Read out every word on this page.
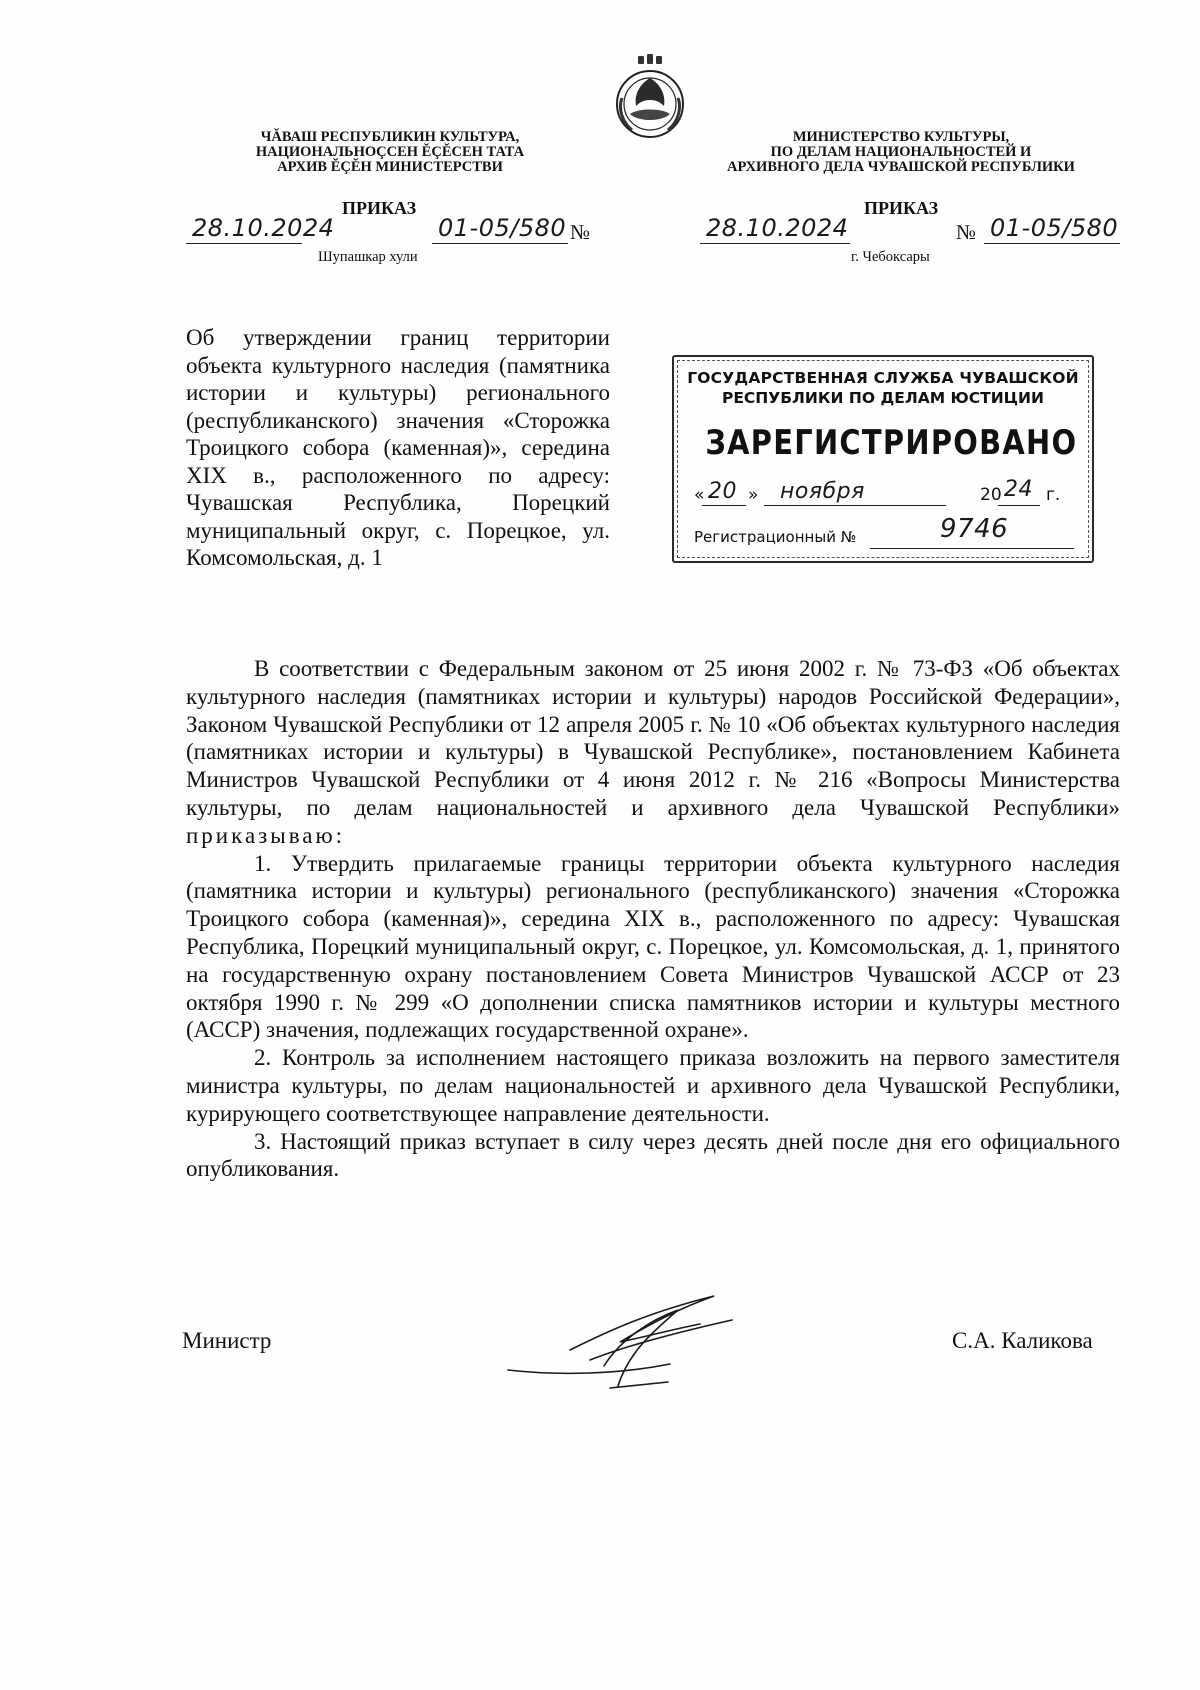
ЧĂВАШ РЕСПУБЛИКИН КУЛЬТУРА,
НАЦИОНАЛЬНОÇСЕН ĔÇĔСЕН ТАТА
АРХИВ ĔÇĔН МИНИСТЕРСТВИ
МИНИСТЕРСТВО КУЛЬТУРЫ,
ПО ДЕЛАМ НАЦИОНАЛЬНОСТЕЙ И
АРХИВНОГО ДЕЛА ЧУВАШСКОЙ РЕСПУБЛИКИ
ПРИКАЗ	ПРИКАЗ
28.10.2024	01-05/580 №
Шупашкар хули
28.10.2024	№ 01-05/580
г. Чебоксары
Об утверждении границ территории объекта культурного наследия (памятника истории и культуры) регионального (республиканского) значения «Сторожка Троицкого собора (каменная)», середина XIX в., расположенного по адресу: Чувашская Республика, Порецкий муниципальный округ, с. Порецкое, ул. Комсомольская, д. 1
ГОСУДАРСТВЕННАЯ СЛУЖБА ЧУВАШСКОЙ
РЕСПУБЛИКИ ПО ДЕЛАМ ЮСТИЦИИ
ЗАРЕГИСТРИРОВАНО
« 20 » ноября	20 24 г.
Регистрационный №	9746

В соответствии с Федеральным законом от 25 июня 2002 г. № 73-ФЗ «Об объектах культурного наследия (памятниках истории и культуры) народов Российской Федерации», Законом Чувашской Республики от 12 апреля 2005 г. № 10 «Об объектах культурного наследия (памятниках истории и культуры) в Чувашской Республике», постановлением Кабинета Министров Чувашской Республики от 4 июня 2012 г. № 216 «Вопросы Министерства культуры, по делам национальностей и архивного дела Чувашской Республики» приказываю:

1. Утвердить прилагаемые границы территории объекта культурного наследия (памятника истории и культуры) регионального (республиканского) значения «Сторожка Троицкого собора (каменная)», середина XIX в., расположенного по адресу: Чувашская Республика, Порецкий муниципальный округ, с. Порецкое, ул. Комсомольская, д. 1, принятого на государственную охрану постановлением Совета Министров Чувашской АССР от 23 октября 1990 г. № 299 «О дополнении списка памятников истории и культуры местного (АССР) значения, подлежащих государственной охране».

2. Контроль за исполнением настоящего приказа возложить на первого заместителя министра культуры, по делам национальностей и архивного дела Чувашской Республики, курирующего соответствующее направление деятельности.

3. Настоящий приказ вступает в силу через десять дней после дня его официального опубликования.

Министр	С.А. Каликова
